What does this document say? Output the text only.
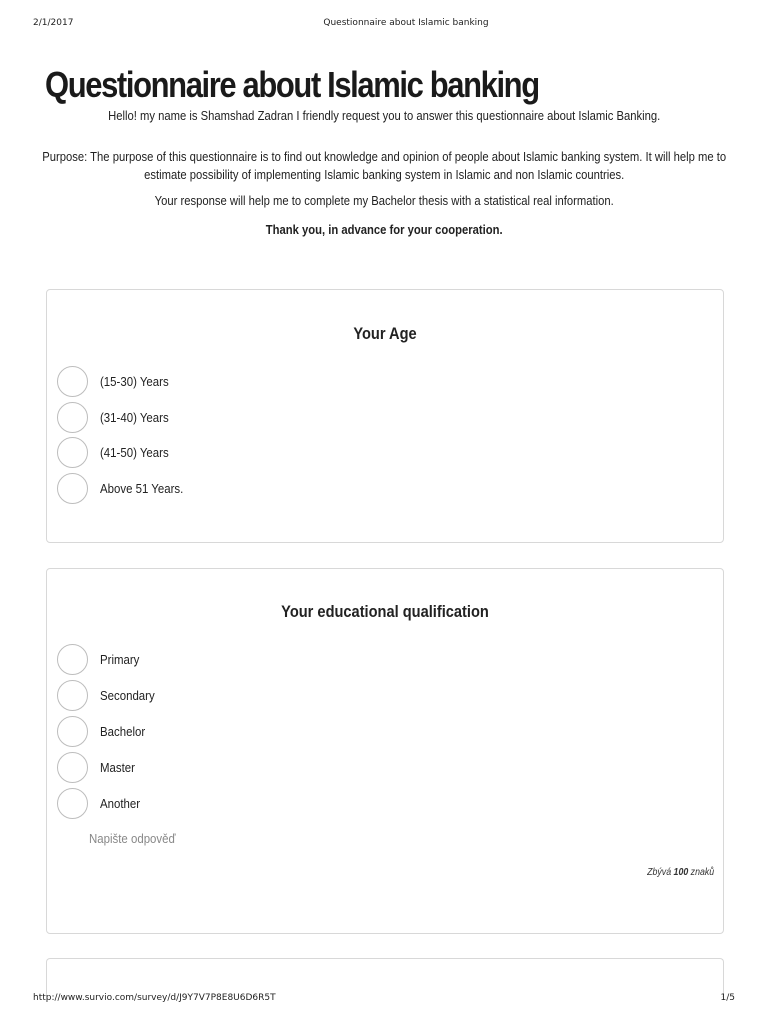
2/1/2017	Questionnaire about Islamic banking
Questionnaire about Islamic banking

Hello! my name is Shamshad Zadran I friendly request you to answer this questionnaire about Islamic Banking.

Purpose: The purpose of this questionnaire is to find out knowledge and opinion of people about Islamic banking system. It will help me to estimate possibility of implementing Islamic banking system in Islamic and non Islamic countries.

Your response will help me to complete my Bachelor thesis with a statistical real information.

Thank you, in advance for your cooperation.

Your Age
(15-30) Years
(31-40) Years
(41-50) Years
Above 51 Years.
Your educational qualification
Primary
Secondary
Bachelor
Master
Another
Napište odpověď
Zbývá 100 znaků
http://www.survio.com/survey/d/J9Y7V7P8E8U6D6R5T	1/5
